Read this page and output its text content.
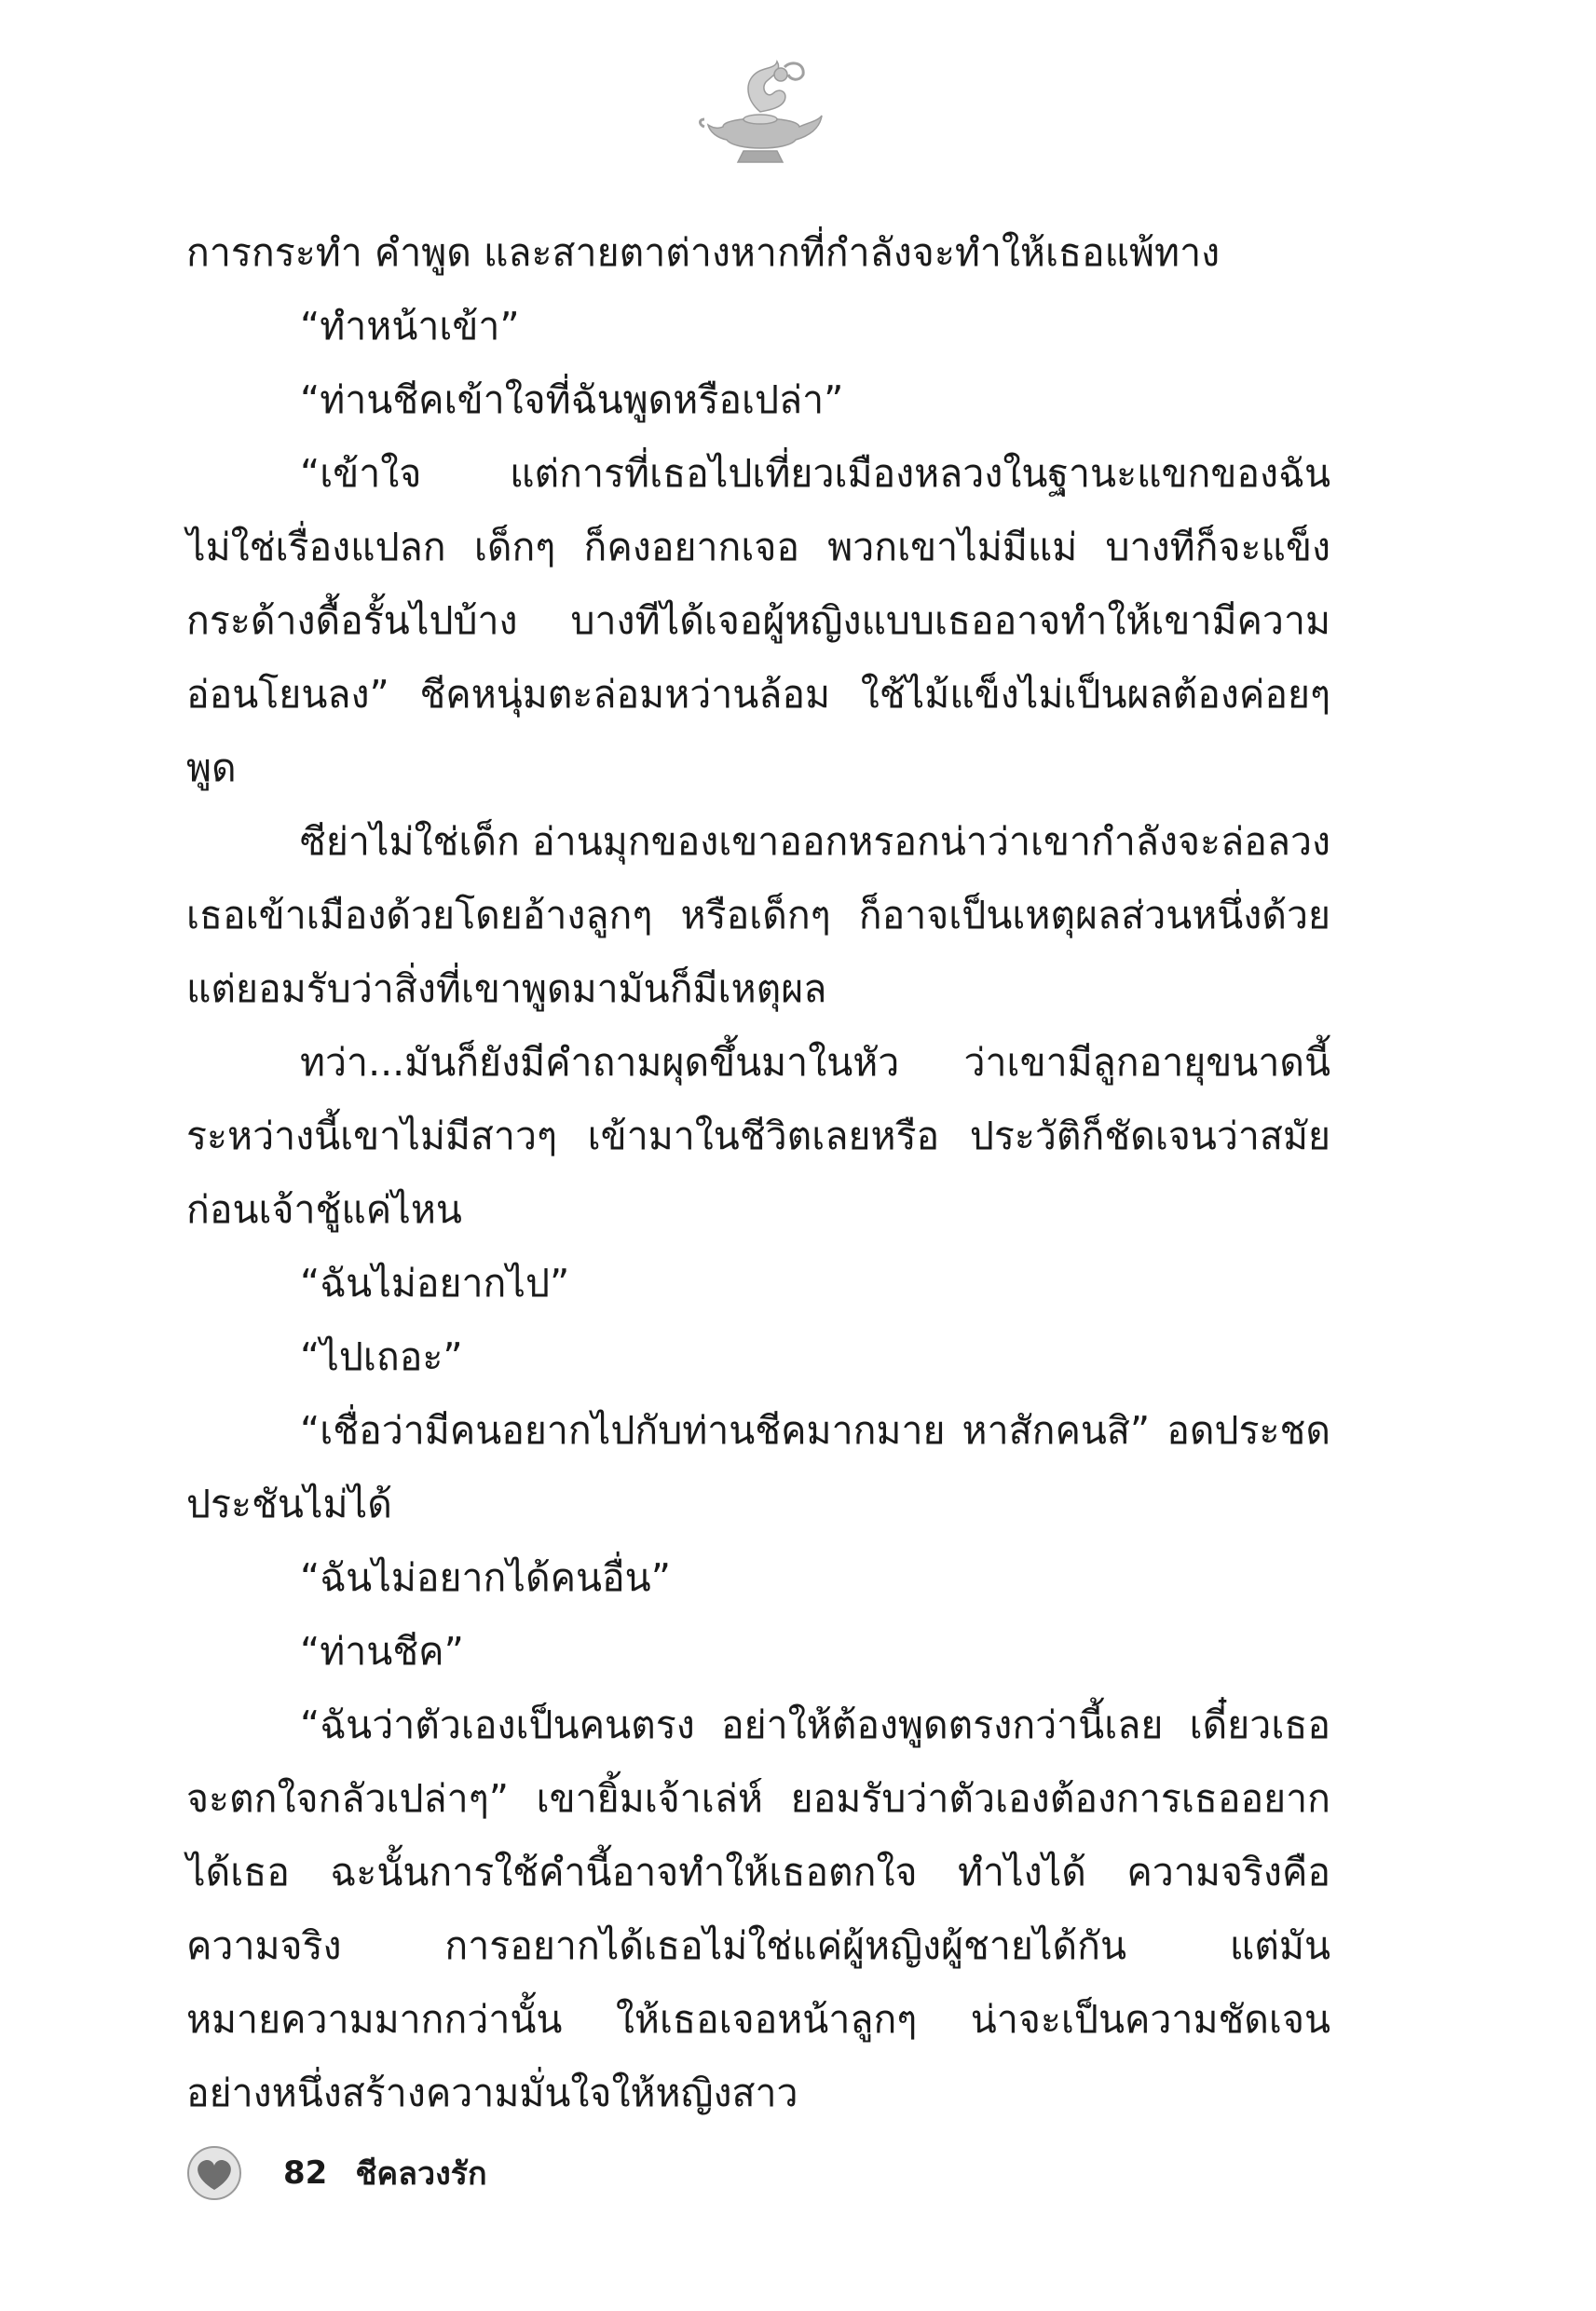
การกระทำ คำพูด และสายตาต่างหากที่กำลังจะทำให้เธอแพ้ทาง

“ทำหน้าเข้า”

“ท่านชีคเข้าใจที่ฉันพูดหรือเปล่า”

“เข้าใจ แต่การที่เธอไปเที่ยวเมืองหลวงในฐานะแขกของฉันไม่ใช่เรื่องแปลก เด็กๆ ก็คงอยากเจอ พวกเขาไม่มีแม่ บางทีก็จะแข็งกระด้างดื้อรั้นไปบ้าง บางทีได้เจอผู้หญิงแบบเธออาจทำให้เขามีความอ่อนโยนลง” ชีคหนุ่มตะล่อมหว่านล้อม ใช้ไม้แข็งไม่เป็นผลต้องค่อยๆ พูด

ซีย่าไม่ใช่เด็ก อ่านมุกของเขาออกหรอกน่าว่าเขากำลังจะล่อลวงเธอเข้าเมืองด้วยโดยอ้างลูกๆ หรือเด็กๆ ก็อาจเป็นเหตุผลส่วนหนึ่งด้วยแต่ยอมรับว่าสิ่งที่เขาพูดมามันก็มีเหตุผล

ทว่า...มันก็ยังมีคำถามผุดขึ้นมาในหัว ว่าเขามีลูกอายุขนาดนี้ระหว่างนี้เขาไม่มีสาวๆ เข้ามาในชีวิตเลยหรือ ประวัติก็ชัดเจนว่าสมัยก่อนเจ้าชู้แค่ไหน

“ฉันไม่อยากไป”

“ไปเถอะ”

“เชื่อว่ามีคนอยากไปกับท่านชีคมากมาย หาสักคนสิ” อดประชดประชันไม่ได้

“ฉันไม่อยากได้คนอื่น”

“ท่านชีค”

“ฉันว่าตัวเองเป็นคนตรง อย่าให้ต้องพูดตรงกว่านี้เลย เดี๋ยวเธอจะตกใจกลัวเปล่าๆ” เขายิ้มเจ้าเล่ห์ ยอมรับว่าตัวเองต้องการเธออยากได้เธอ ฉะนั้นการใช้คำนี้อาจทำให้เธอตกใจ ทำไงได้ ความจริงคือความจริง การอยากได้เธอไม่ใช่แค่ผู้หญิงผู้ชายได้กัน แต่มันหมายความมากกว่านั้น ให้เธอเจอหน้าลูกๆ น่าจะเป็นความชัดเจนอย่างหนึ่งสร้างความมั่นใจให้หญิงสาว

82 ชีคลวงรัก
